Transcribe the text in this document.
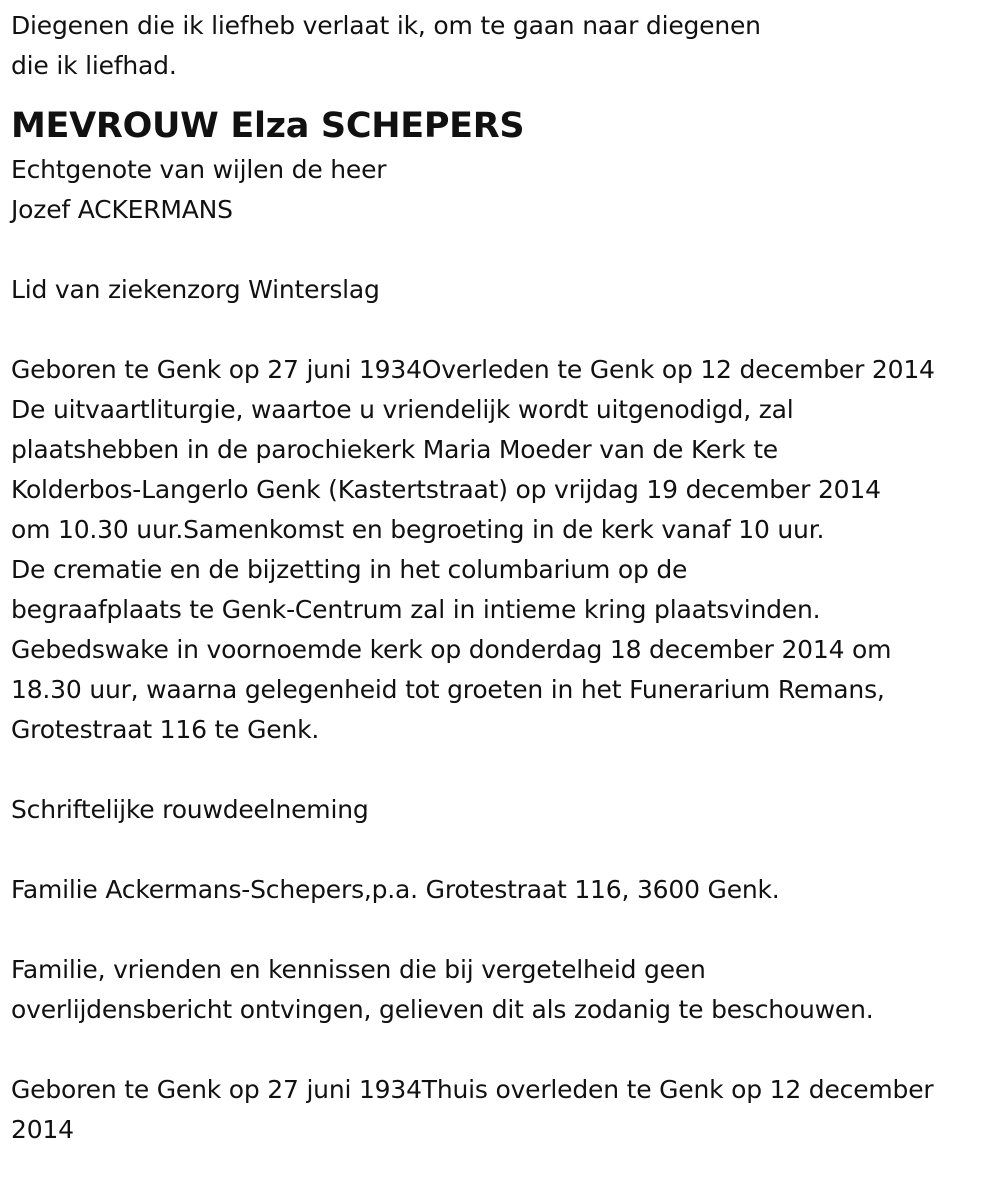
Diegenen die ik liefheb verlaat ik, om te gaan naar diegenen
die ik liefhad.
MEVROUW Elza SCHEPERS
Echtgenote van wijlen de heer
Jozef ACKERMANS
Lid van ziekenzorg Winterslag
Geboren te Genk op 27 juni 1934Overleden te Genk op 12 december 2014
De uitvaartliturgie, waartoe u vriendelijk wordt uitgenodigd, zal
plaatshebben in de parochiekerk Maria Moeder van de Kerk te
Kolderbos-Langerlo Genk (Kastertstraat) op vrijdag 19 december 2014
om 10.30 uur.Samenkomst en begroeting in de kerk vanaf 10 uur.
De crematie en de bijzetting in het columbarium op de
begraafplaats te Genk-Centrum zal in intieme kring plaatsvinden.
Gebedswake in voornoemde kerk op donderdag 18 december 2014 om
18.30 uur, waarna gelegenheid tot groeten in het Funerarium Remans,
Grotestraat 116 te Genk.
Schriftelijke rouwdeelneming
Familie Ackermans-Schepers,p.a. Grotestraat 116, 3600 Genk.
Familie, vrienden en kennissen die bij vergetelheid geen
overlijdensbericht ontvingen, gelieven dit als zodanig te beschouwen.
Geboren te Genk op 27 juni 1934Thuis overleden te Genk op 12 december
2014
